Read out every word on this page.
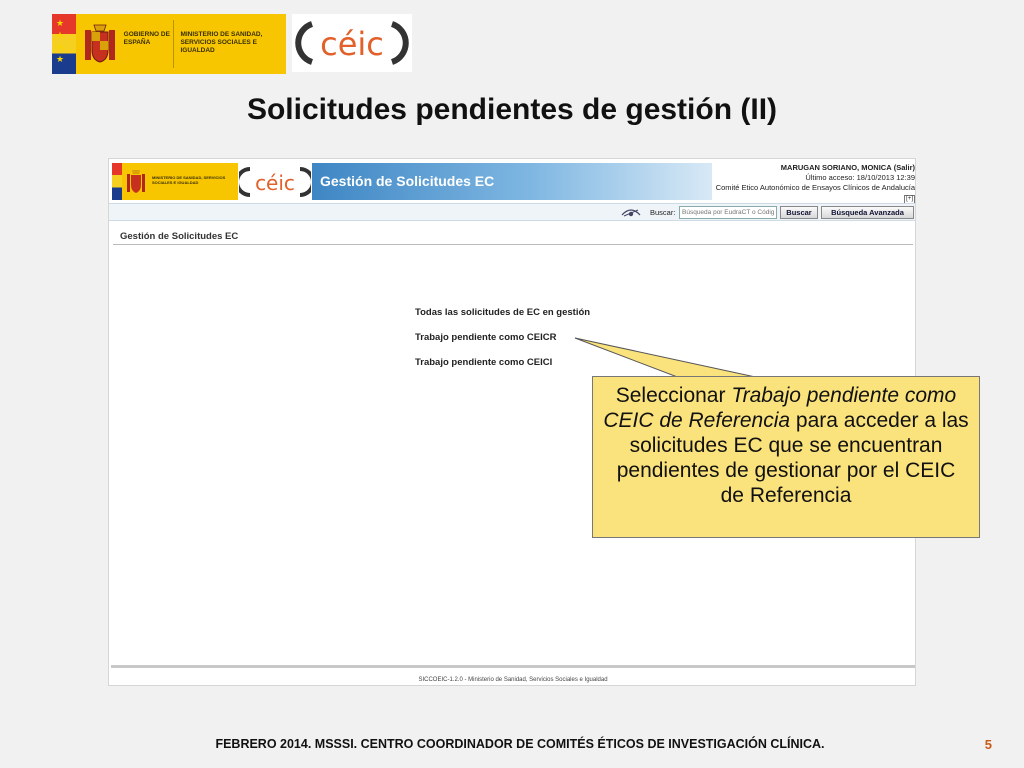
★
★
★
★
GOBIERNO DE ESPAÑA
MINISTERIO DE SANIDAD, SERVICIOS SOCIALES E IGUALDAD	céic
Solicitudes pendientes de gestión (II)
MINISTERIO DE SANIDAD, SERVICIOS SOCIALES E IGUALDAD	céic Gestión de Solicitudes EC
MARUGAN SORIANO, MONICA (Salir)
Último acceso: 18/10/2013 12:39
Comité Etico Autonómico de Ensayos Clínicos de Andalucía
[+]
Buscar:
Búsqueda por EudraCT o Código	Buscar	Búsqueda Avanzada
Gestión de Solicitudes EC
Todas las solicitudes de EC en gestión
Trabajo pendiente como CEICR
Trabajo pendiente como CEICI
SICCOEIC-1.2.0 - Ministerio de Sanidad, Servicios Sociales e Igualdad
Seleccionar Trabajo pendiente como CEIC de Referencia para acceder a las solicitudes EC que se encuentran pendientes de gestionar por el CEIC de Referencia
FEBRERO 2014. MSSSI. CENTRO COORDINADOR DE COMITÉS ÉTICOS DE INVESTIGACIÓN CLÍNICA.	5
